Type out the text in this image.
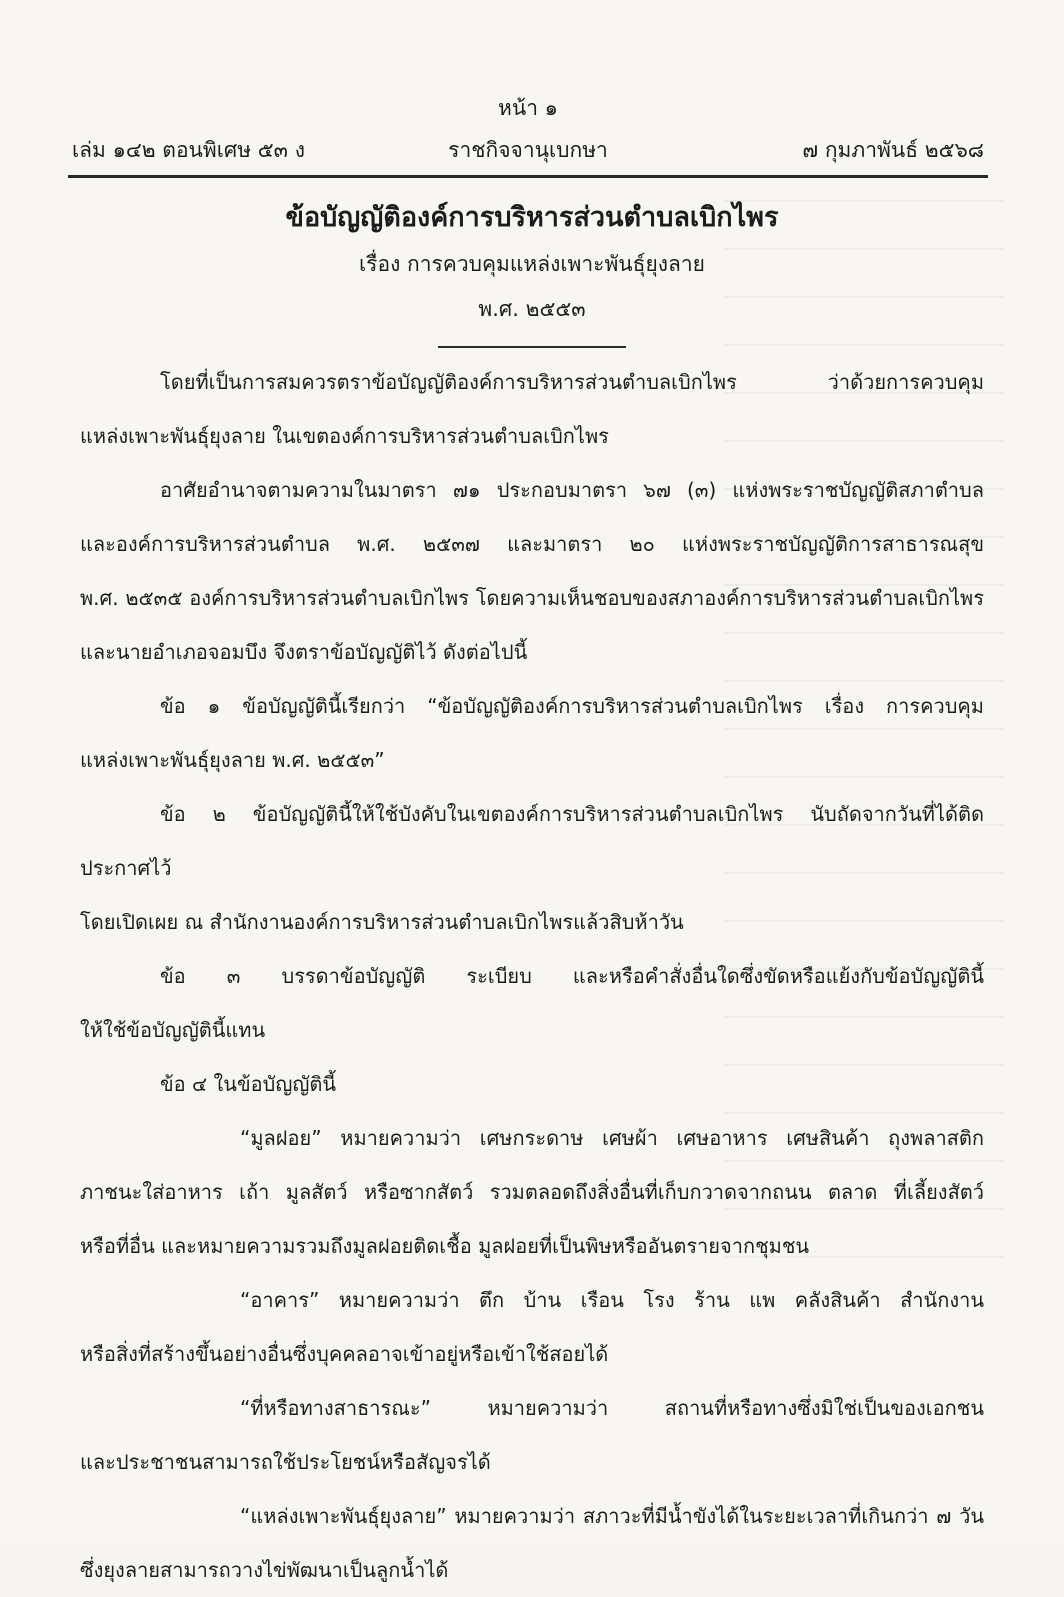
หน้า ๑
เล่ม ๑๔๒ ตอนพิเศษ ๕๓ ง	ราชกิจจานุเบกษา	๗ กุมภาพันธ์ ๒๕๖๘
ข้อบัญญัติองค์การบริหารส่วนตำบลเบิกไพร
เรื่อง การควบคุมแหล่งเพาะพันธุ์ยุงลาย
พ.ศ. ๒๕๕๓

โดยที่เป็นการสมควรตราข้อบัญญัติองค์การบริหารส่วนตำบลเบิกไพร ว่าด้วยการควบคุม

แหล่งเพาะพันธุ์ยุงลาย ในเขตองค์การบริหารส่วนตำบลเบิกไพร

อาศัยอำนาจตามความในมาตรา ๗๑ ประกอบมาตรา ๖๗ (๓) แห่งพระราชบัญญัติสภาตำบล

และองค์การบริหารส่วนตำบล พ.ศ. ๒๕๓๗ และมาตรา ๒๐ แห่งพระราชบัญญัติการสาธารณสุข

พ.ศ. ๒๕๓๕ องค์การบริหารส่วนตำบลเบิกไพร โดยความเห็นชอบของสภาองค์การบริหารส่วนตำบลเบิกไพร

และนายอำเภอจอมบึง จึงตราข้อบัญญัติไว้ ดังต่อไปนี้

ข้อ ๑ ข้อบัญญัตินี้เรียกว่า “ข้อบัญญัติองค์การบริหารส่วนตำบลเบิกไพร เรื่อง การควบคุม

แหล่งเพาะพันธุ์ยุงลาย พ.ศ. ๒๕๕๓”

ข้อ ๒ ข้อบัญญัตินี้ให้ใช้บังคับในเขตองค์การบริหารส่วนตำบลเบิกไพร นับถัดจากวันที่ได้ติดประกาศไว้

โดยเปิดเผย ณ สำนักงานองค์การบริหารส่วนตำบลเบิกไพรแล้วสิบห้าวัน

ข้อ ๓ บรรดาข้อบัญญัติ ระเบียบ และหรือคำสั่งอื่นใดซึ่งขัดหรือแย้งกับข้อบัญญัตินี้

ให้ใช้ข้อบัญญัตินี้แทน

ข้อ ๔ ในข้อบัญญัตินี้

“มูลฝอย” หมายความว่า เศษกระดาษ เศษผ้า เศษอาหาร เศษสินค้า ถุงพลาสติก

ภาชนะใส่อาหาร เถ้า มูลสัตว์ หรือซากสัตว์ รวมตลอดถึงสิ่งอื่นที่เก็บกวาดจากถนน ตลาด ที่เลี้ยงสัตว์

หรือที่อื่น และหมายความรวมถึงมูลฝอยติดเชื้อ มูลฝอยที่เป็นพิษหรืออันตรายจากชุมชน

“อาคาร” หมายความว่า ตึก บ้าน เรือน โรง ร้าน แพ คลังสินค้า สำนักงาน

หรือสิ่งที่สร้างขึ้นอย่างอื่นซึ่งบุคคลอาจเข้าอยู่หรือเข้าใช้สอยได้

“ที่หรือทางสาธารณะ” หมายความว่า สถานที่หรือทางซึ่งมิใช่เป็นของเอกชน

และประชาชนสามารถใช้ประโยชน์หรือสัญจรได้

“แหล่งเพาะพันธุ์ยุงลาย” หมายความว่า สภาวะที่มีน้ำขังได้ในระยะเวลาที่เกินกว่า ๗ วัน

ซึ่งยุงลายสามารถวางไข่พัฒนาเป็นลูกน้ำได้
